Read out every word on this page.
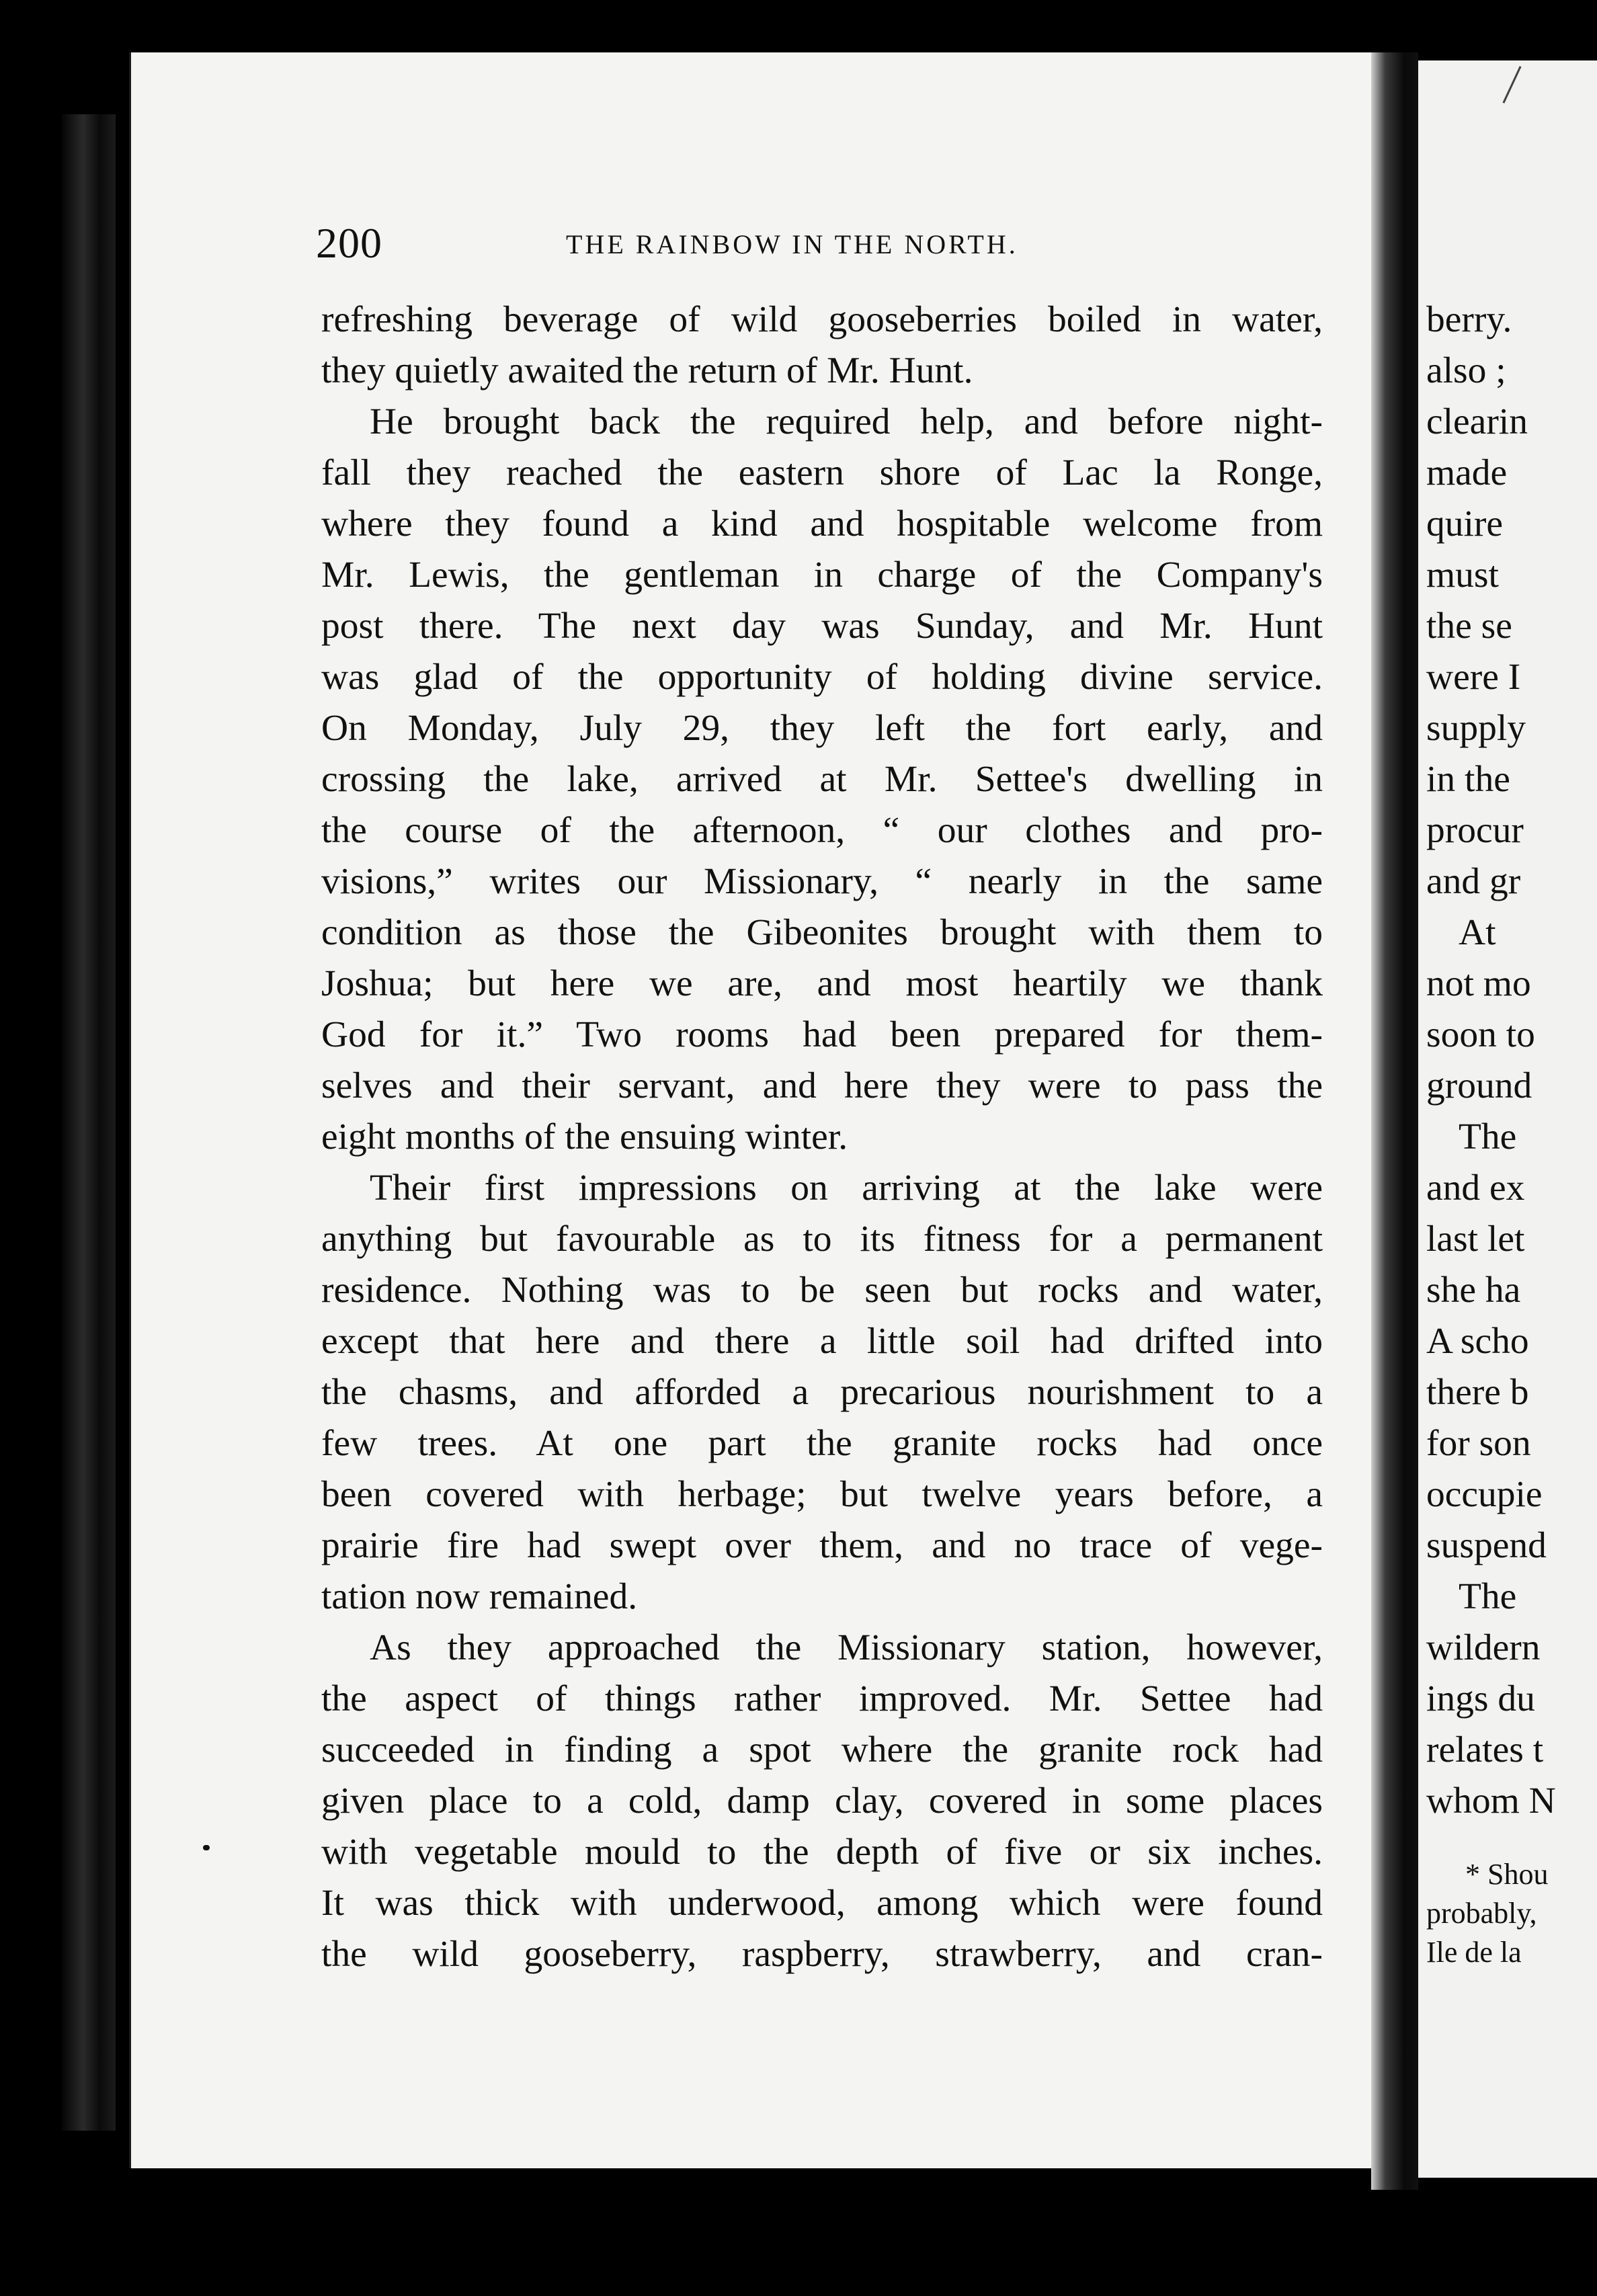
200	THE RAINBOW IN THE NORTH.
refreshing beverage of wild gooseberries boiled in water,
they quietly awaited the return of Mr. Hunt.
He brought back the required help, and before night-
fall they reached the eastern shore of Lac la Ronge,
where they found a kind and hospitable welcome from
Mr. Lewis, the gentleman in charge of the Company's
post there. The next day was Sunday, and Mr. Hunt
was glad of the opportunity of holding divine service.
On Monday, July 29, they left the fort early, and
crossing the lake, arrived at Mr. Settee's dwelling in
the course of the afternoon, “ our clothes and pro-
visions,” writes our Missionary, “ nearly in the same
condition as those the Gibeonites brought with them to
Joshua; but here we are, and most heartily we thank
God for it.” Two rooms had been prepared for them-
selves and their servant, and here they were to pass the
eight months of the ensuing winter.
Their first impressions on arriving at the lake were
anything but favourable as to its fitness for a permanent
residence. Nothing was to be seen but rocks and water,
except that here and there a little soil had drifted into
the chasms, and afforded a precarious nourishment to a
few trees. At one part the granite rocks had once
been covered with herbage; but twelve years before, a
prairie fire had swept over them, and no trace of vege-
tation now remained.
As they approached the Missionary station, however,
the aspect of things rather improved. Mr. Settee had
succeeded in finding a spot where the granite rock had
given place to a cold, damp clay, covered in some places
with vegetable mould to the depth of five or six inches.
It was thick with underwood, among which were found
the wild gooseberry, raspberry, strawberry, and cran-
berry.
also ;
clearin
made
quire
must
the se
were I
supply
in the
procur
and gr
At
not mo
soon to
ground
The
and ex
last let
she ha
A scho
there b
for son
occupie
suspend
The
wildern
ings du
relates t
whom N
* Shou
probably,
Ile de la
